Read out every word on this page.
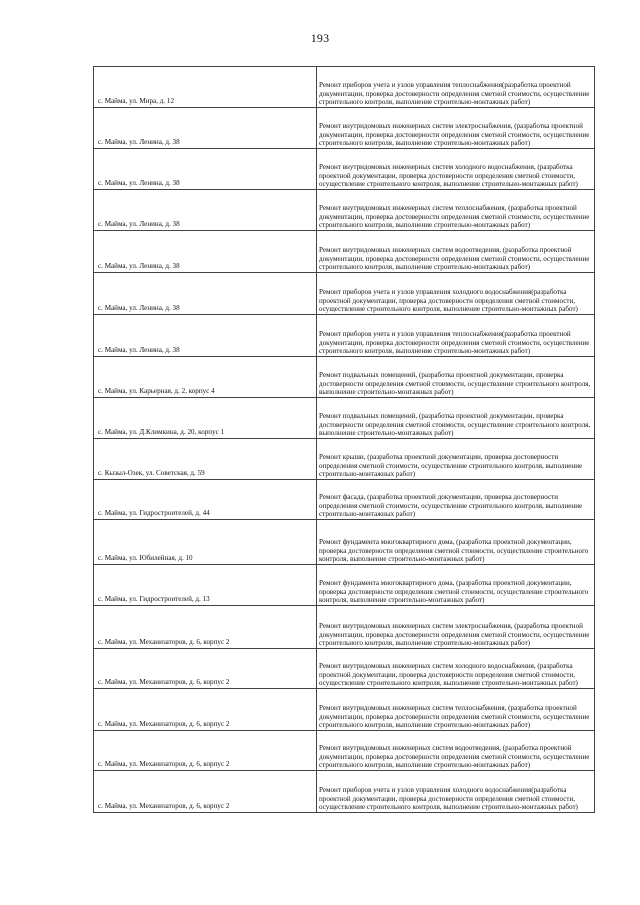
193
с. Майма, ул. Мира, д. 12	Ремонт приборов учета и узлов управления теплоснабжения(разработка проектной документации, проверка достоверности определения сметной стоимости, осуществление строительного контроля, выполнение строительно-монтажных работ)
с. Майма, ул. Ленина, д. 38	Ремонт внутридомовых инженерных систем электроснабжения, (разработка проектной документации, проверка достоверности определения сметной стоимости, осуществление строительного контроля, выполнение строительно-монтажных работ)
с. Майма, ул. Ленина, д. 38	Ремонт внутридомовых инженерных систем холодного водоснабжения, (разработка проектной документации, проверка достоверности определения сметной стоимости, осуществление строительного контроля, выполнение строительно-монтажных работ)
с. Майма, ул. Ленина, д. 38	Ремонт внутридомовых инженерных систем теплоснабжения, (разработка проектной документации, проверка достоверности определения сметной стоимости, осуществление строительного контроля, выполнение строительно-монтажных работ)
с. Майма, ул. Ленина, д. 38	Ремонт внутридомовых инженерных систем водоотведения, (разработка проектной документации, проверка достоверности определения сметной стоимости, осуществление строительного контроля, выполнение строительно-монтажных работ)
с. Майма, ул. Ленина, д. 38	Ремонт приборов учета и узлов управления холодного водоснабжения(разработка проектной документации, проверка достоверности определения сметной стоимости, осуществление строительного контроля, выполнение строительно-монтажных работ)
с. Майма, ул. Ленина, д. 38	Ремонт приборов учета и узлов управления теплоснабжения(разработка проектной документации, проверка достоверности определения сметной стоимости, осуществление строительного контроля, выполнение строительно-монтажных работ)
с. Майма, ул. Карьерная, д. 2, корпус 4	Ремонт подвальных помещений, (разработка проектной документации, проверка достоверности определения сметной стоимости, осуществление строительного контроля, выполнение строительно-монтажных работ)
с. Майма, ул. Д.Климкина, д. 20, корпус 1	Ремонт подвальных помещений, (разработка проектной документации, проверка достоверности определения сметной стоимости, осуществление строительного контроля, выполнение строительно-монтажных работ)
с. Кызыл-Озек, ул. Советская, д. 59	Ремонт крыши, (разработка проектной документации, проверка достоверности определения сметной стоимости, осуществление строительного контроля, выполнение строительно-монтажных работ)
с. Майма, ул. Гидростроителей, д. 44	Ремонт фасада, (разработка проектной документации, проверка достоверности определения сметной стоимости, осуществление строительного контроля, выполнение строительно-монтажных работ)
с. Майма, ул. Юбилейная, д. 10	Ремонт фундамента многоквартирного дома, (разработка проектной документации, проверка достоверности определения сметной стоимости, осуществление строительного контроля, выполнение строительно-монтажных работ)
с. Майма, ул. Гидростроителей, д. 13	Ремонт фундамента многоквартирного дома, (разработка проектной документации, проверка достоверности определения сметной стоимости, осуществление строительного контроля, выполнение строительно-монтажных работ)
с. Майма, ул. Механизаторов, д. 6, корпус 2	Ремонт внутридомовых инженерных систем электроснабжения, (разработка проектной документации, проверка достоверности определения сметной стоимости, осуществление строительного контроля, выполнение строительно-монтажных работ)
с. Майма, ул. Механизаторов, д. 6, корпус 2	Ремонт внутридомовых инженерных систем холодного водоснабжения, (разработка проектной документации, проверка достоверности определения сметной стоимости, осуществление строительного контроля, выполнение строительно-монтажных работ)
с. Майма, ул. Механизаторов, д. 6, корпус 2	Ремонт внутридомовых инженерных систем теплоснабжения, (разработка проектной документации, проверка достоверности определения сметной стоимости, осуществление строительного контроля, выполнение строительно-монтажных работ)
с. Майма, ул. Механизаторов, д. 6, корпус 2	Ремонт внутридомовых инженерных систем водоотведения, (разработка проектной документации, проверка достоверности определения сметной стоимости, осуществление строительного контроля, выполнение строительно-монтажных работ)
с. Майма, ул. Механизаторов, д. 6, корпус 2	Ремонт приборов учета и узлов управления холодного водоснабжения(разработка проектной документации, проверка достоверности определения сметной стоимости, осуществление строительного контроля, выполнение строительно-монтажных работ)
